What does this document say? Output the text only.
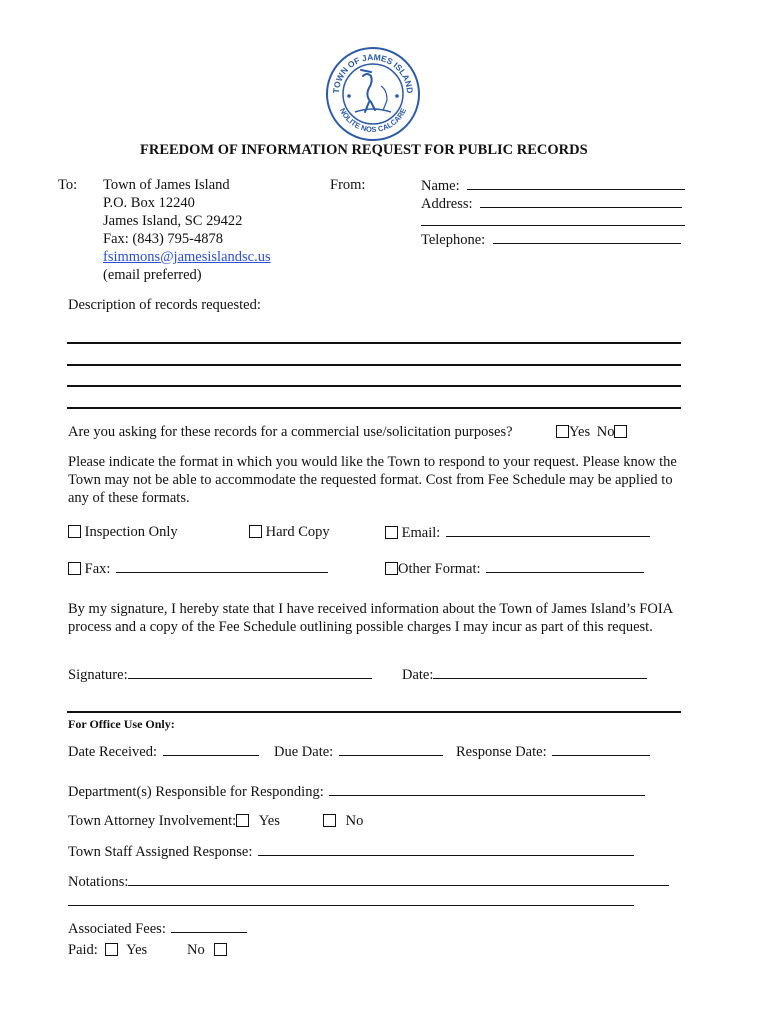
TOWN OF JAMES ISLAND
NOLITE NOS CALCARE
FREEDOM OF INFORMATION REQUEST FOR PUBLIC RECORDS
To: Town of James Island
P.O. Box 12240
James Island, SC 29422
Fax: (843) 795-4878
fsimmons@jamesislandsc.us
(email preferred)
From:	Name:
Address:
Telephone:
Description of records requested:
Are you asking for these records for a commercial use/solicitation purposes?	Yes No
Please indicate the format in which you would like the Town to respond to your request. Please know the Town may not be able to accommodate the requested format. Cost from Fee Schedule may be applied to any of these formats.
Inspection Only	Hard Copy	Email:
Fax:	Other Format:
By my signature, I hereby state that I have received information about the Town of James Island’s FOIA process and a copy of the Fee Schedule outlining possible charges I may incur as part of this request.
Signature:	Date:
For Office Use Only:
Date Received:	Due Date:	Response Date:
Department(s) Responsible for Responding:
Town Attorney Involvement: Yes	No
Town Staff Assigned Response:
Notations:
Associated Fees:
Paid: Yes	No
